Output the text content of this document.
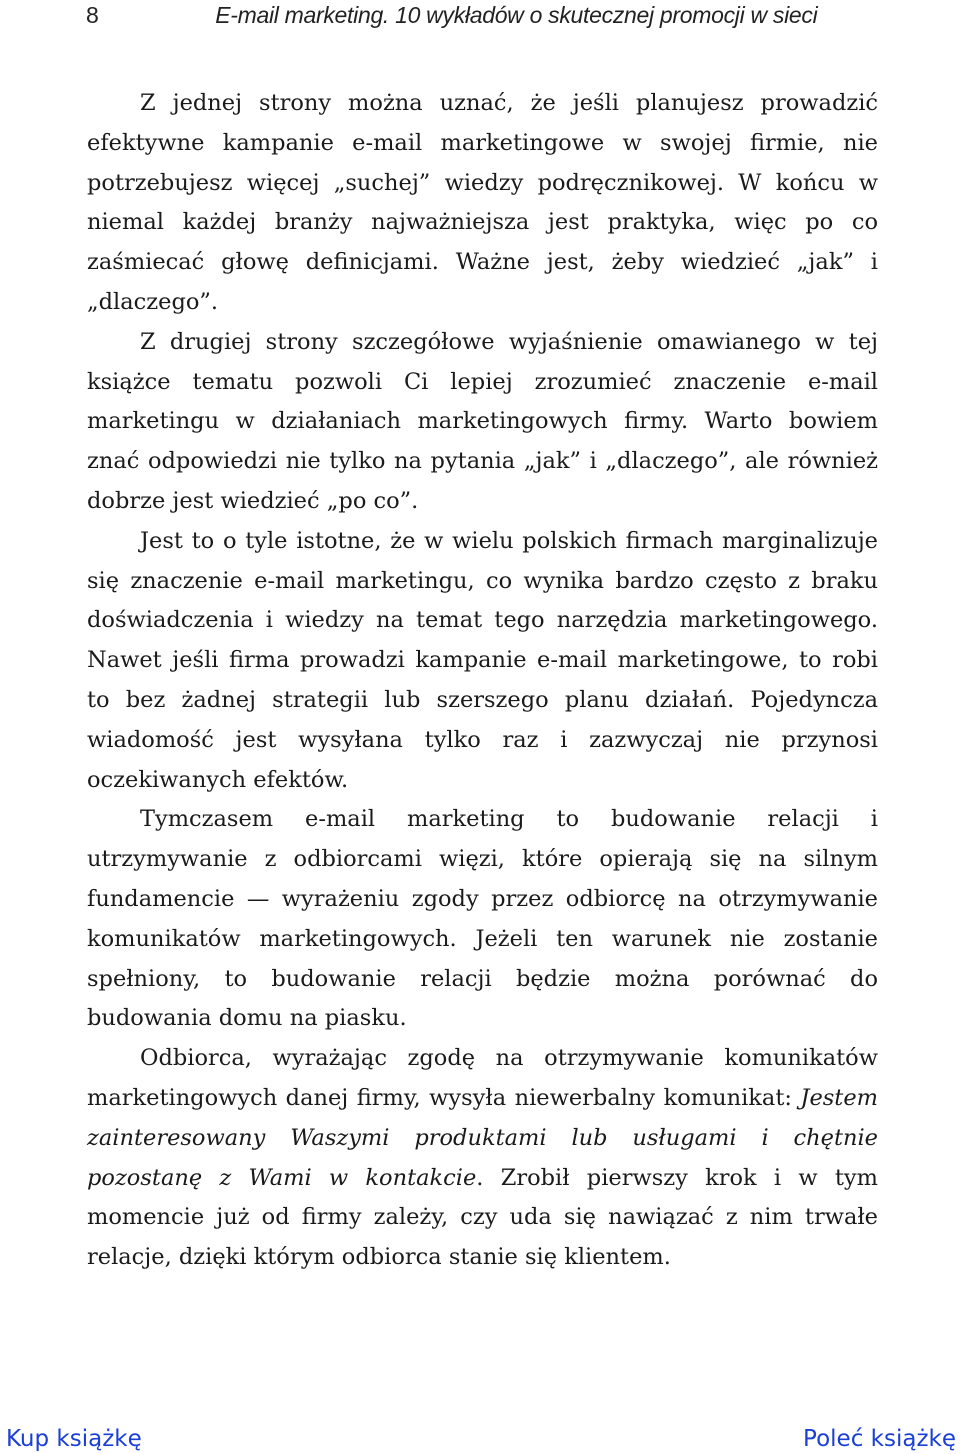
8	E-mail marketing. 10 wykładów o skutecznej promocji w sieci

Z jednej strony można uznać, że jeśli planujesz prowadzić efektywne kampanie e-mail marketingowe w swojej firmie, nie potrzebujesz więcej „suchej” wiedzy podręcznikowej. W końcu w niemal każdej branży najważniejsza jest praktyka, więc po co zaśmiecać głowę definicjami. Ważne jest, żeby wiedzieć „jak” i „dlaczego”.

Z drugiej strony szczegółowe wyjaśnienie omawianego w tej książce tematu pozwoli Ci lepiej zrozumieć znaczenie e-mail marketingu w działaniach marketingowych firmy. Warto bowiem znać odpowiedzi nie tylko na pytania „jak” i „dlaczego”, ale również dobrze jest wiedzieć „po co”.

Jest to o tyle istotne, że w wielu polskich firmach marginalizuje się znaczenie e-mail marketingu, co wynika bardzo często z braku doświadczenia i wiedzy na temat tego narzędzia marketingowego. Nawet jeśli firma prowadzi kampanie e-mail marketingowe, to robi to bez żadnej strategii lub szerszego planu działań. Pojedyncza wiadomość jest wysyłana tylko raz i zazwyczaj nie przynosi oczekiwanych efektów.

Tymczasem e-mail marketing to budowanie relacji i utrzymywanie z odbiorcami więzi, które opierają się na silnym fundamencie — wyrażeniu zgody przez odbiorcę na otrzymywanie komunikatów marketingowych. Jeżeli ten warunek nie zostanie spełniony, to budowanie relacji będzie można porównać do budowania domu na piasku.

Odbiorca, wyrażając zgodę na otrzymywanie komunikatów marketingowych danej firmy, wysyła niewerbalny komunikat: Jestem zainteresowany Waszymi produktami lub usługami i chętnie pozostanę z Wami w kontakcie. Zrobił pierwszy krok i w tym momencie już od firmy zależy, czy uda się nawiązać z nim trwałe relacje, dzięki którym odbiorca stanie się klientem.

Kup książkę	Poleć książkę
